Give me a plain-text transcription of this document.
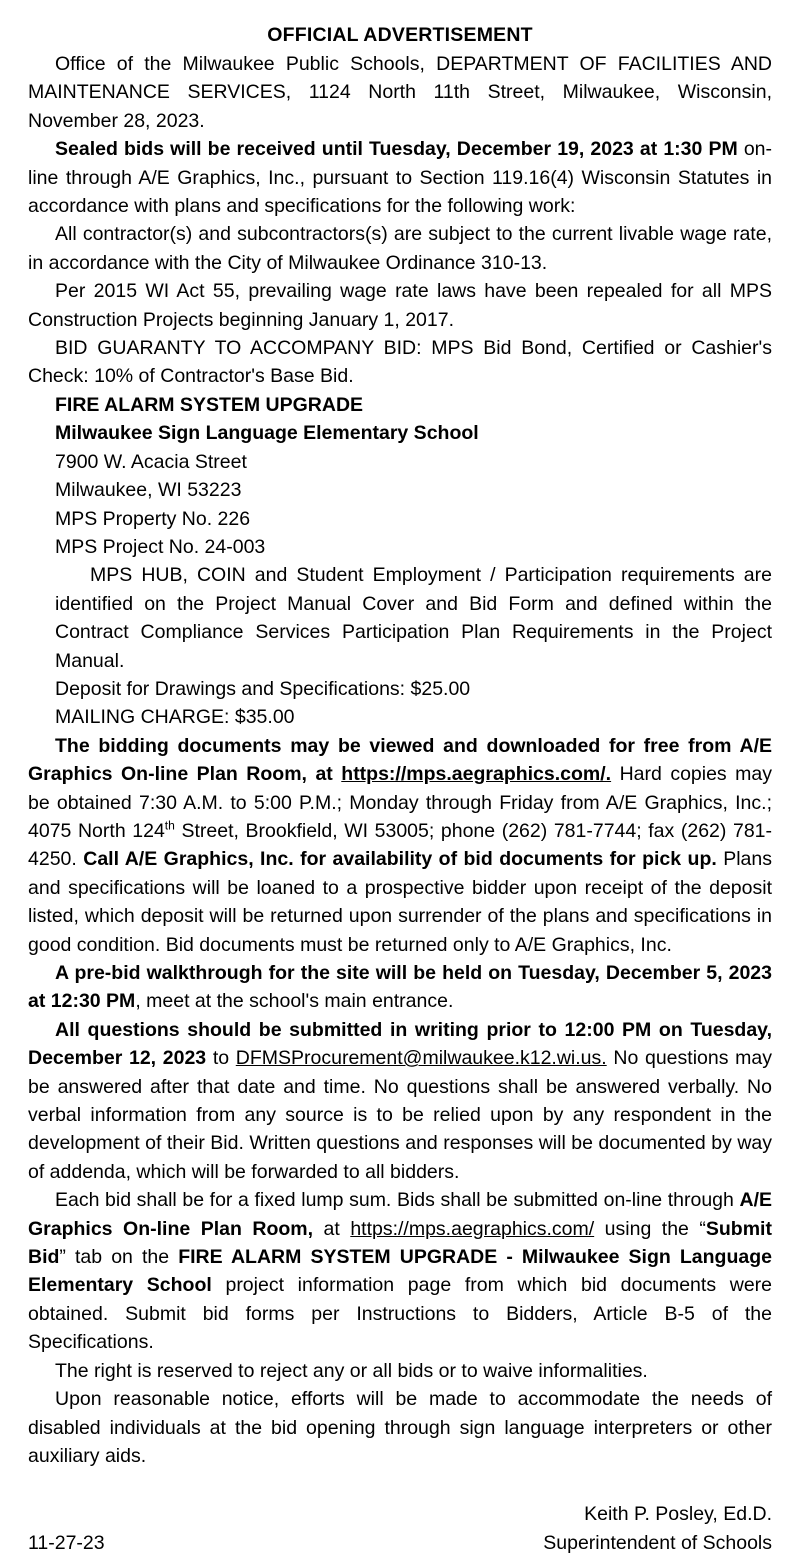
OFFICIAL ADVERTISEMENT

Office of the Milwaukee Public Schools, DEPARTMENT OF FACILITIES AND MAINTENANCE SERVICES, 1124 North 11th Street, Milwaukee, Wisconsin, November 28, 2023.

Sealed bids will be received until Tuesday, December 19, 2023 at 1:30 PM on-line through A/E Graphics, Inc., pursuant to Section 119.16(4) Wisconsin Statutes in accordance with plans and specifications for the following work:

All contractor(s) and subcontractors(s) are subject to the current livable wage rate, in accordance with the City of Milwaukee Ordinance 310-13.

Per 2015 WI Act 55, prevailing wage rate laws have been repealed for all MPS Construction Projects beginning January 1, 2017.

BID GUARANTY TO ACCOMPANY BID: MPS Bid Bond, Certified or Cashier's Check: 10% of Contractor's Base Bid.

FIRE ALARM SYSTEM UPGRADE
Milwaukee Sign Language Elementary School
7900 W. Acacia Street
Milwaukee, WI 53223
MPS Property No. 226
MPS Project No. 24-003

MPS HUB, COIN and Student Employment / Participation requirements are identified on the Project Manual Cover and Bid Form and defined within the Contract Compliance Services Participation Plan Requirements in the Project Manual.

Deposit for Drawings and Specifications: $25.00
MAILING CHARGE: $35.00

The bidding documents may be viewed and downloaded for free from A/E Graphics On-line Plan Room, at https://mps.aegraphics.com/. Hard copies may be obtained 7:30 A.M. to 5:00 P.M.; Monday through Friday from A/E Graphics, Inc.; 4075 North 124th Street, Brookfield, WI 53005; phone (262) 781-7744; fax (262) 781-4250. Call A/E Graphics, Inc. for availability of bid documents for pick up. Plans and specifications will be loaned to a prospective bidder upon receipt of the deposit listed, which deposit will be returned upon surrender of the plans and specifications in good condition. Bid documents must be returned only to A/E Graphics, Inc.

A pre-bid walkthrough for the site will be held on Tuesday, December 5, 2023 at 12:30 PM, meet at the school's main entrance.

All questions should be submitted in writing prior to 12:00 PM on Tuesday, December 12, 2023 to DFMSProcurement@milwaukee.k12.wi.us. No questions may be answered after that date and time. No questions shall be answered verbally. No verbal information from any source is to be relied upon by any respondent in the development of their Bid. Written questions and responses will be documented by way of addenda, which will be forwarded to all bidders.

Each bid shall be for a fixed lump sum. Bids shall be submitted on-line through A/E Graphics On-line Plan Room, at https://mps.aegraphics.com/ using the “Submit Bid” tab on the FIRE ALARM SYSTEM UPGRADE - Milwaukee Sign Language Elementary School project information page from which bid documents were obtained. Submit bid forms per Instructions to Bidders, Article B-5 of the Specifications.

The right is reserved to reject any or all bids or to waive informalities.

Upon reasonable notice, efforts will be made to accommodate the needs of disabled individuals at the bid opening through sign language interpreters or other auxiliary aids.

Keith P. Posley, Ed.D.
11-27-23	Superintendent of Schools
